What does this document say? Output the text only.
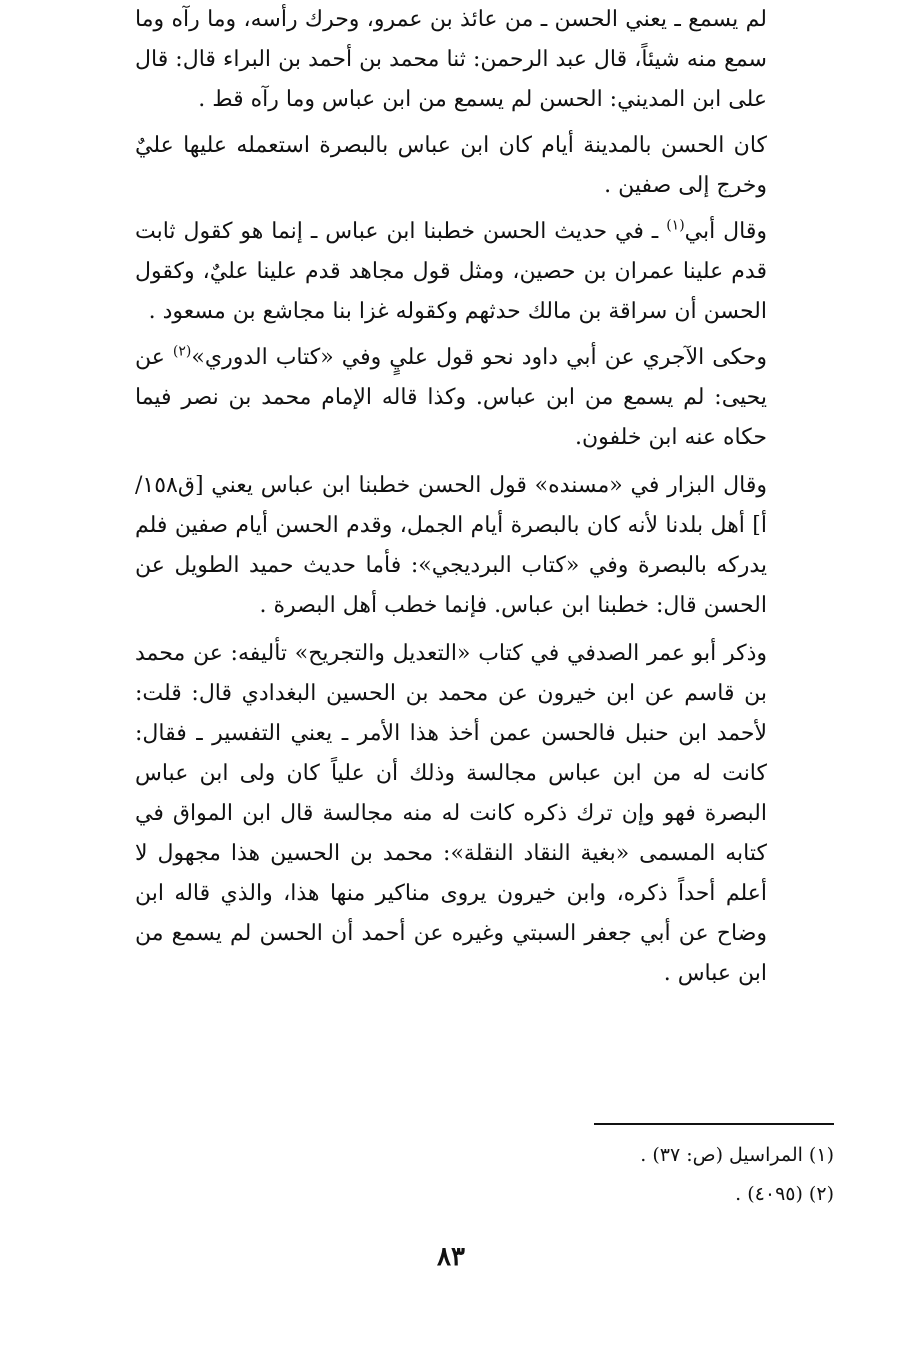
لم يسمع ـ يعني الحسن ـ من عائذ بن عمرو، وحرك رأسه، وما رآه وما سمع منه شيئاً، قال عبد الرحمن: ثنا محمد بن أحمد بن البراء قال: قال على ابن المديني: الحسن لم يسمع من ابن عباس وما رآه قط .

كان الحسن بالمدينة أيام كان ابن عباس بالبصرة استعمله عليها عليٌ وخرج إلى صفين .

وقال أبي$^{(١)}$ ـ في حديث الحسن خطبنا ابن عباس ـ إنما هو كقول ثابت قدم علينا عمران بن حصين، ومثل قول مجاهد قدم علينا عليٌ، وكقول الحسن أن سراقة بن مالك حدثهم وكقوله غزا بنا مجاشع بن مسعود .

وحكى الآجري عن أبي داود نحو قول عليٍ وفي «كتاب الدوري»$^{(٢)}$ عن يحيى: لم يسمع من ابن عباس. وكذا قاله الإمام محمد بن نصر فيما حكاه عنه ابن خلفون.

وقال البزار في «مسنده» قول الحسن خطبنا ابن عباس يعني [ق١٥٨/أ] أهل بلدنا لأنه كان بالبصرة أيام الجمل، وقدم الحسن أيام صفين فلم يدركه بالبصرة وفي «كتاب البرديجي»: فأما حديث حميد الطويل عن الحسن قال: خطبنا ابن عباس. فإنما خطب أهل البصرة .

وذكر أبو عمر الصدفي في كتاب «التعديل والتجريح» تأليفه: عن محمد بن قاسم عن ابن خيرون عن محمد بن الحسين البغدادي قال: قلت: لأحمد ابن حنبل فالحسن عمن أخذ هذا الأمر ـ يعني التفسير ـ فقال: كانت له من ابن عباس مجالسة وذلك أن علياً كان ولى ابن عباس البصرة فهو وإن ترك ذكره كانت له منه مجالسة قال ابن المواق في كتابه المسمى «بغية النقاد النقلة»: محمد بن الحسين هذا مجهول لا أعلم أحداً ذكره، وابن خيرون يروى مناكير منها هذا، والذي قاله ابن وضاح عن أبي جعفر السبتي وغيره عن أحمد أن الحسن لم يسمع من ابن عباس .

(١) المراسيل (ص: ٣٧) .

(٢) (٤٠٩٥) .

٨٣
